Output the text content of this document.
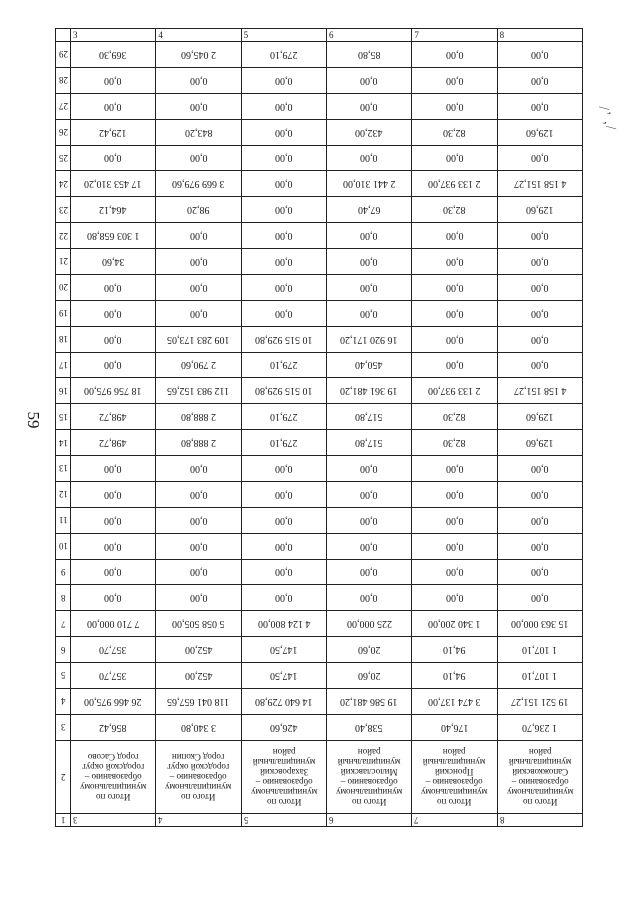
59
⁄ ʼ ‚ ⁄
	3	4	5	6	7	8
29	369,30	2 045,60	279,10	85,80	0,00	0,00
28	0,00	0,00	0,00	0,00	0,00	0,00
27	0,00	0,00	0,00	0,00	0,00	0,00
26	129,42	843,20	0,00	432,00	82,30	129,60
25	0,00	0,00	0,00	0,00	0,00	0,00
24	17 453 310,20	3 669 979,60	0,00	2 441 310,00	2 133 937,00	4 158 151,27
23	464,12	98,20	0,00	67,40	82,30	129,60
22	1 303 658,80	0,00	0,00	0,00	0,00	0,00
21	34,60	0,00	0,00	0,00	0,00	0,00
20	0,00	0,00	0,00	0,00	0,00	0,00
19	0,00	0,00	0,00	0,00	0,00	0,00
18	0,00	109 283 173,05	10 515 929,80	16 920 171,20	0,00	0,00
17	0,00	2 790,60	279,10	450,40	0,00	0,00
16	18 756 975,00	112 983 152,65	10 515 929,80	19 361 481,20	2 133 937,00	4 158 151,27
15	498,72	2 888,80	279,10	517,80	82,30	129,60
14	498,72	2 888,80	279,10	517,80	82,30	129,60
13	0,00	0,00	0,00	0,00	0,00	0,00
12	0,00	0,00	0,00	0,00	0,00	0,00
11	0,00	0,00	0,00	0,00	0,00	0,00
10	0,00	0,00	0,00	0,00	0,00	0,00
9	0,00	0,00	0,00	0,00	0,00	0,00
8	0,00	0,00	0,00	0,00	0,00	0,00
7	7 710 000,00	5 058 505,00	4 124 800,00	225 000,00	1 340 200,00	15 363 000,00
6	357,70	452,00	147,50	20,60	94,10	1 107,10
5	357,70	452,00	147,50	20,60	94,10	1 107,10
4	26 466 975,00	118 041 657,65	14 640 729,80	19 586 481,20	3 474 137,00	19 521 151,27
3	856,42	3 340,80	426,60	538,40	176,40	1 236,70
2	Итого по муниципальному образованию – городской округ город Сасово	Итого по муниципальному образованию – городской округ город Скопин	Итого по муниципальному образованию – Захаровский муниципальный район	Итого по муниципальному образованию – Милославский муниципальный район	Итого по муниципальному образованию – Пронский муниципальный район	Итого по муниципальному образованию – Сапожковский муниципальный район
1	3	4	5	6	7	8
